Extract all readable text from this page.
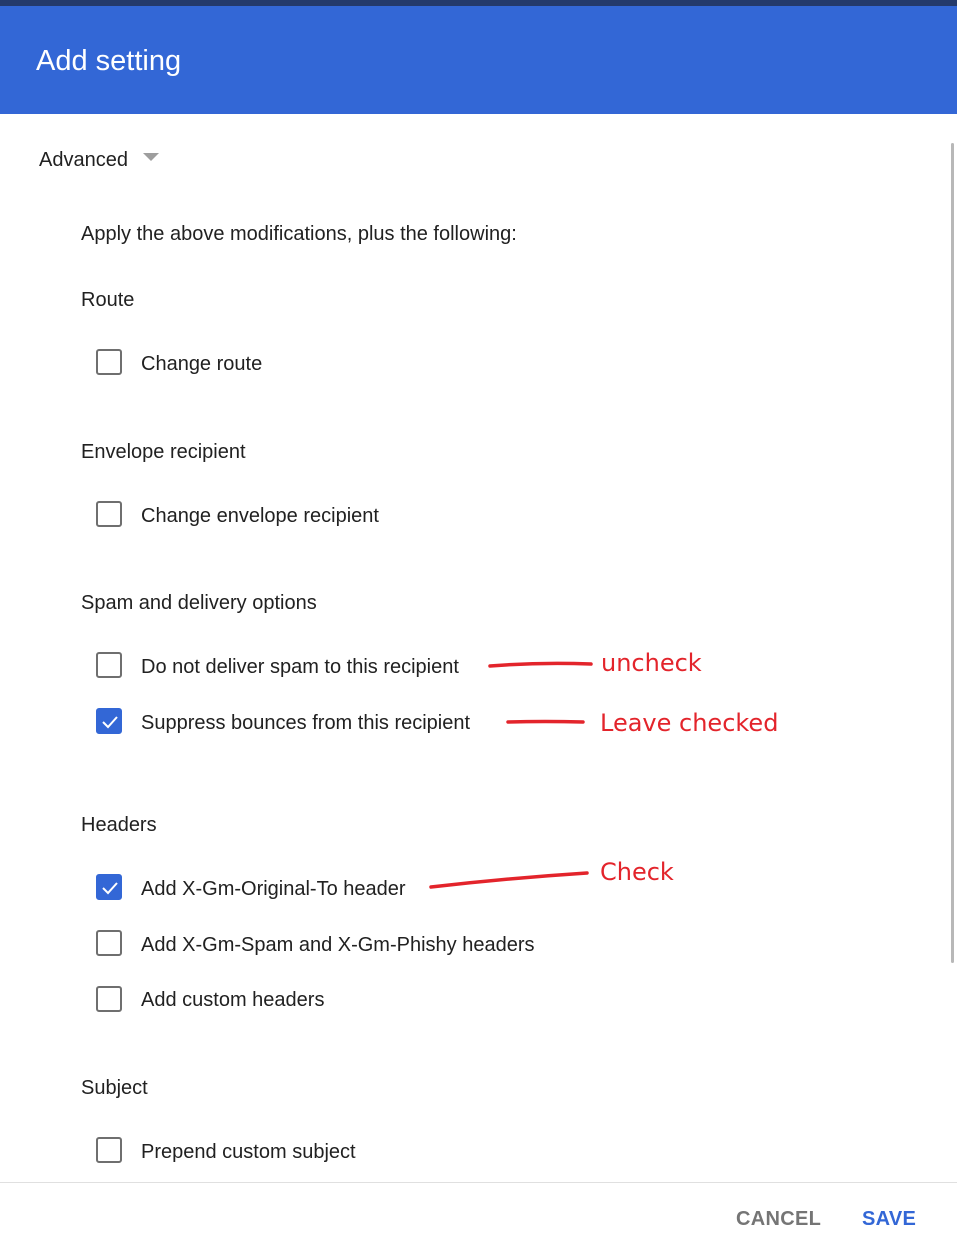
Add setting
Advanced
Apply the above modifications, plus the following:
Route
Change route
Envelope recipient
Change envelope recipient
Spam and delivery options
Do not deliver spam to this recipient
Suppress bounces from this recipient
Headers
Add X-Gm-Original-To header
Add X-Gm-Spam and X-Gm-Phishy headers
Add custom headers
Subject
Prepend custom subject
uncheck
Leave checked
Check
CANCEL SAVE
